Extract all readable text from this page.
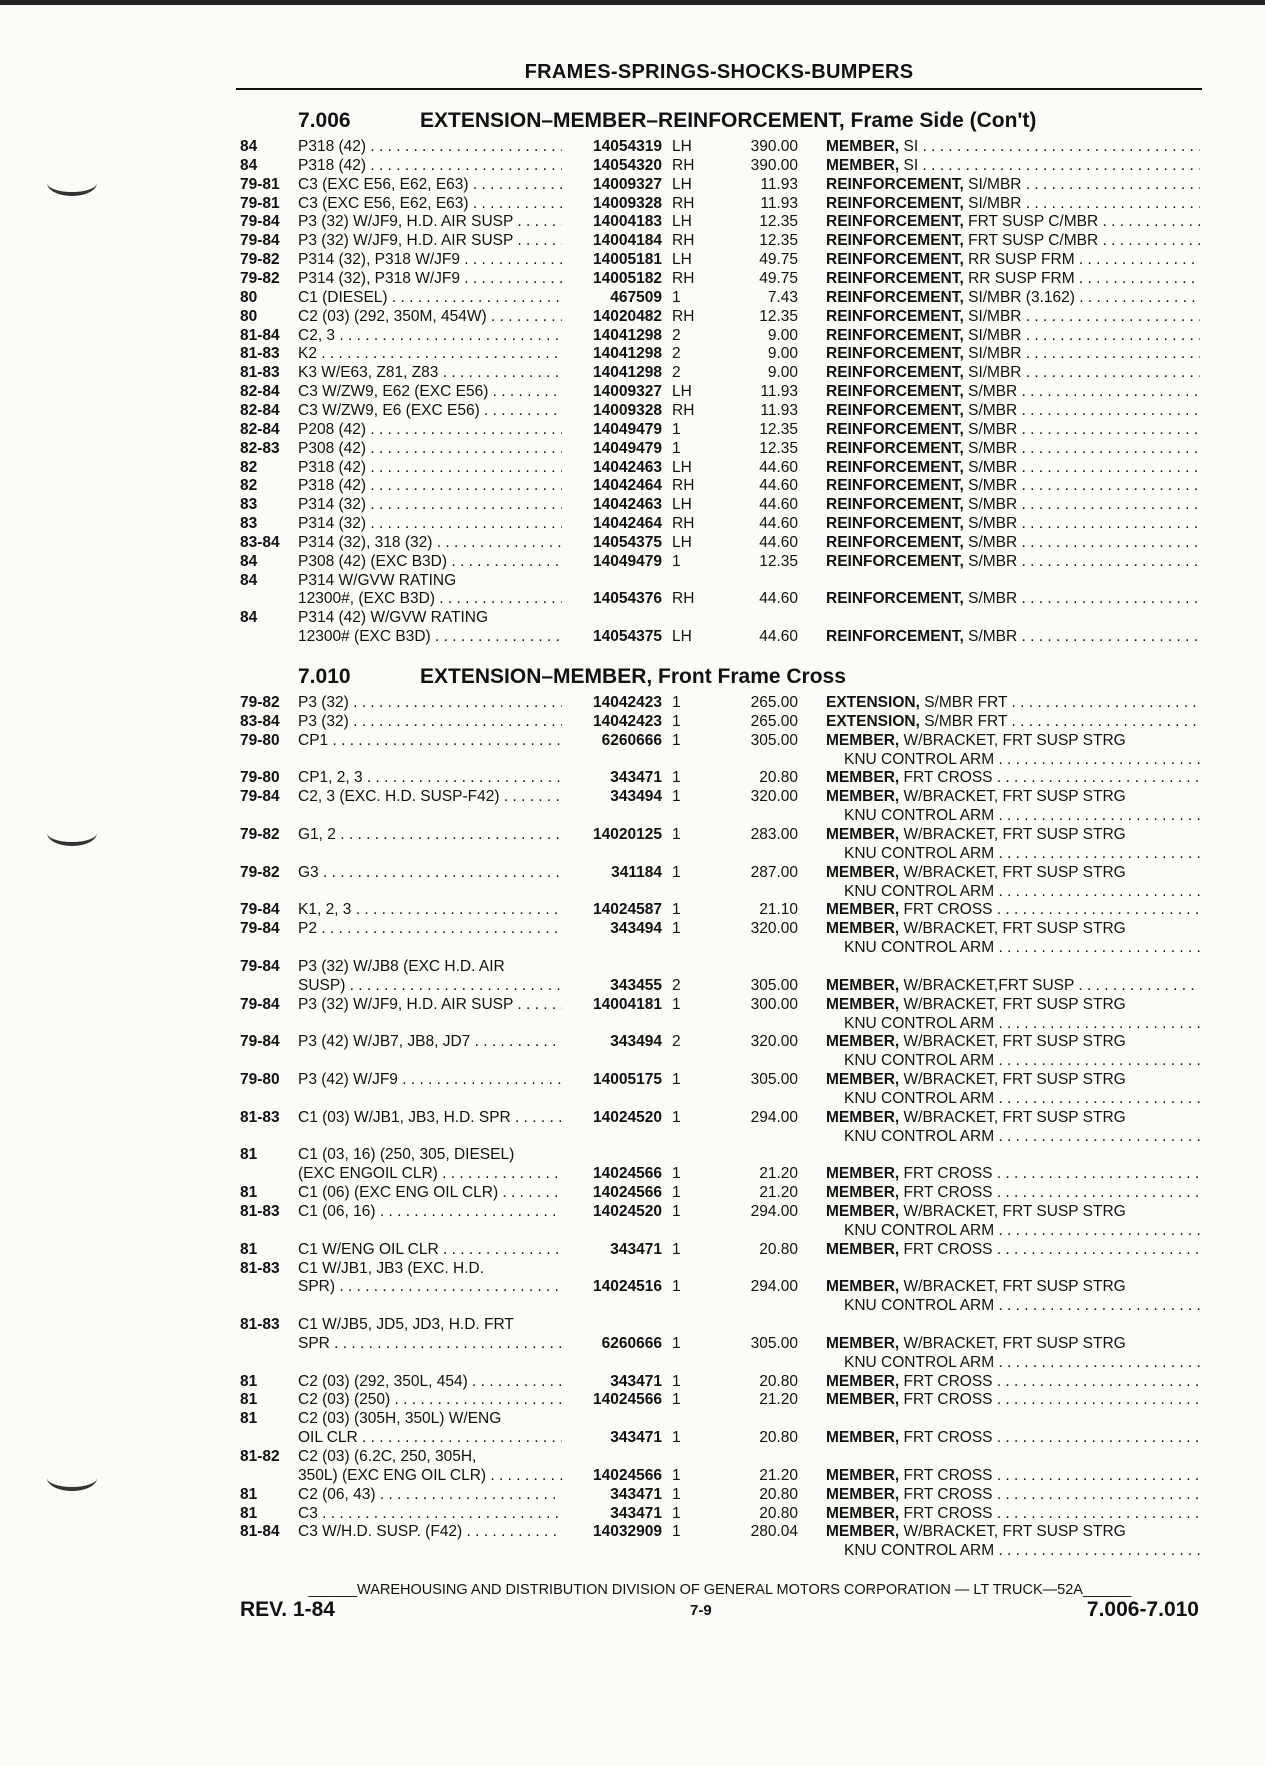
FRAMES-SPRINGS-SHOCKS-BUMPERS
7.006	EXTENSION–MEMBER–REINFORCEMENT, Frame Side (Con't)
84	P318 (42) . . .	14054319 LH	390.00 MEMBER, SI . . .
84	P318 (42) . . .	14054320 RH	390.00 MEMBER, SI . . .
79-81 C3 (EXC E56, E62, E63) . . .	14009327 LH	11.93 REINFORCEMENT, SI/MBR . . .
79-81 C3 (EXC E56, E62, E63) . . .	14009328 RH	11.93 REINFORCEMENT, SI/MBR . . .
79-84 P3 (32) W/JF9, H.D. AIR SUSP . . .	14004183 LH	12.35 REINFORCEMENT, FRT SUSP C/MBR . . .
79-84 P3 (32) W/JF9, H.D. AIR SUSP . . .	14004184 RH	12.35 REINFORCEMENT, FRT SUSP C/MBR . . .
79-82 P314 (32), P318 W/JF9 . . .	14005181 LH	49.75 REINFORCEMENT, RR SUSP FRM . . .
79-82 P314 (32), P318 W/JF9 . . .	14005182 RH	49.75 REINFORCEMENT, RR SUSP FRM . . .
80	C1 (DIESEL) . . .	467509 1	7.43 REINFORCEMENT, SI/MBR (3.162) . . .
80	C2 (03) (292, 350M, 454W) . . .	14020482 RH	12.35 REINFORCEMENT, SI/MBR . . .
81-84 C2, 3 . . .	14041298 2	9.00 REINFORCEMENT, SI/MBR . . .
81-83 K2 . . .	14041298 2	9.00 REINFORCEMENT, SI/MBR . . .
81-83 K3 W/E63, Z81, Z83 . . .	14041298 2	9.00 REINFORCEMENT, SI/MBR . . .
82-84 C3 W/ZW9, E62 (EXC E56) . . .	14009327 LH	11.93 REINFORCEMENT, S/MBR . . .
82-84 C3 W/ZW9, E6 (EXC E56) . . .	14009328 RH	11.93 REINFORCEMENT, S/MBR . . .
82-84 P208 (42) . . .	14049479 1	12.35 REINFORCEMENT, S/MBR . . .
82-83 P308 (42) . . .	14049479 1	12.35 REINFORCEMENT, S/MBR . . .
82	P318 (42) . . .	14042463 LH	44.60 REINFORCEMENT, S/MBR . . .
82	P318 (42) . . .	14042464 RH	44.60 REINFORCEMENT, S/MBR . . .
83	P314 (32) . . .	14042463 LH	44.60 REINFORCEMENT, S/MBR . . .
83	P314 (32) . . .	14042464 RH	44.60 REINFORCEMENT, S/MBR . . .
83-84 P314 (32), 318 (32) . . .	14054375 LH	44.60 REINFORCEMENT, S/MBR . . .
84	P308 (42) (EXC B3D) . . .	14049479 1	12.35 REINFORCEMENT, S/MBR . . .
84	P314 W/GVW RATING
12300#, (EXC B3D) . . .	14054376 RH	44.60 REINFORCEMENT, S/MBR . . .
84	P314 (42) W/GVW RATING
12300# (EXC B3D) . . .	14054375 LH	44.60 REINFORCEMENT, S/MBR . . .
7.010	EXTENSION–MEMBER, Front Frame Cross
79-82 P3 (32) . . .	14042423 1	265.00 EXTENSION, S/MBR FRT . . .
83-84 P3 (32) . . .	14042423 1	265.00 EXTENSION, S/MBR FRT . . .
79-80 CP1 . . .	6260666 1	305.00 MEMBER, W/BRACKET, FRT SUSP STRG
KNU CONTROL ARM . . .
79-80 CP1, 2, 3 . . .	343471 1	20.80 MEMBER, FRT CROSS . . .
79-84 C2, 3 (EXC. H.D. SUSP-F42) . . .	343494 1	320.00 MEMBER, W/BRACKET, FRT SUSP STRG
KNU CONTROL ARM . . .
79-82 G1, 2 . . .	14020125 1	283.00 MEMBER, W/BRACKET, FRT SUSP STRG
KNU CONTROL ARM . . .
79-82 G3 . . .	341184 1	287.00 MEMBER, W/BRACKET, FRT SUSP STRG
KNU CONTROL ARM . . .
79-84 K1, 2, 3 . . .	14024587 1	21.10 MEMBER, FRT CROSS . . .
79-84 P2 . . .	343494 1	320.00 MEMBER, W/BRACKET, FRT SUSP STRG
KNU CONTROL ARM . . .
79-84 P3 (32) W/JB8 (EXC H.D. AIR
SUSP) . . .	343455 2	305.00 MEMBER, W/BRACKET,FRT SUSP . . .
79-84 P3 (32) W/JF9, H.D. AIR SUSP . . .	14004181 1	300.00 MEMBER, W/BRACKET, FRT SUSP STRG
KNU CONTROL ARM . . .
79-84 P3 (42) W/JB7, JB8, JD7 . . .	343494 2	320.00 MEMBER, W/BRACKET, FRT SUSP STRG
KNU CONTROL ARM . . .
79-80 P3 (42) W/JF9 . . .	14005175 1	305.00 MEMBER, W/BRACKET, FRT SUSP STRG
KNU CONTROL ARM . . .
81-83 C1 (03) W/JB1, JB3, H.D. SPR . . .	14024520 1	294.00 MEMBER, W/BRACKET, FRT SUSP STRG
KNU CONTROL ARM . . .
81	C1 (03, 16) (250, 305, DIESEL)
(EXC ENGOIL CLR) . . .	14024566 1	21.20 MEMBER, FRT CROSS . . .
81	C1 (06) (EXC ENG OIL CLR) . . .	14024566 1	21.20 MEMBER, FRT CROSS . . .
81-83 C1 (06, 16) . . .	14024520 1	294.00 MEMBER, W/BRACKET, FRT SUSP STRG
KNU CONTROL ARM . . .
81	C1 W/ENG OIL CLR . . .	343471 1	20.80 MEMBER, FRT CROSS . . .
81-83 C1 W/JB1, JB3 (EXC. H.D.
SPR) . . .	14024516 1	294.00 MEMBER, W/BRACKET, FRT SUSP STRG
KNU CONTROL ARM . . .
81-83 C1 W/JB5, JD5, JD3, H.D. FRT
SPR . . .	6260666 1	305.00 MEMBER, W/BRACKET, FRT SUSP STRG
KNU CONTROL ARM . . .
81	C2 (03) (292, 350L, 454) . . .	343471 1	20.80 MEMBER, FRT CROSS . . .
81	C2 (03) (250) . . .	14024566 1	21.20 MEMBER, FRT CROSS . . .
81	C2 (03) (305H, 350L) W/ENG
OIL CLR . . .	343471 1	20.80 MEMBER, FRT CROSS . . .
81-82 C2 (03) (6.2C, 250, 305H,
350L) (EXC ENG OIL CLR) . . .	14024566 1	21.20 MEMBER, FRT CROSS . . .
81	C2 (06, 43) . . .	343471 1	20.80 MEMBER, FRT CROSS . . .
81	C3 . . .	343471 1	20.80 MEMBER, FRT CROSS . . .
81-84 C3 W/H.D. SUSP. (F42) . . .	14032909 1	280.04 MEMBER, W/BRACKET, FRT SUSP STRG
KNU CONTROL ARM . . .
______WAREHOUSING AND DISTRIBUTION DIVISION OF GENERAL MOTORS CORPORATION — LT TRUCK—52A______
REV. 1-84	7-9	7.006-7.010
